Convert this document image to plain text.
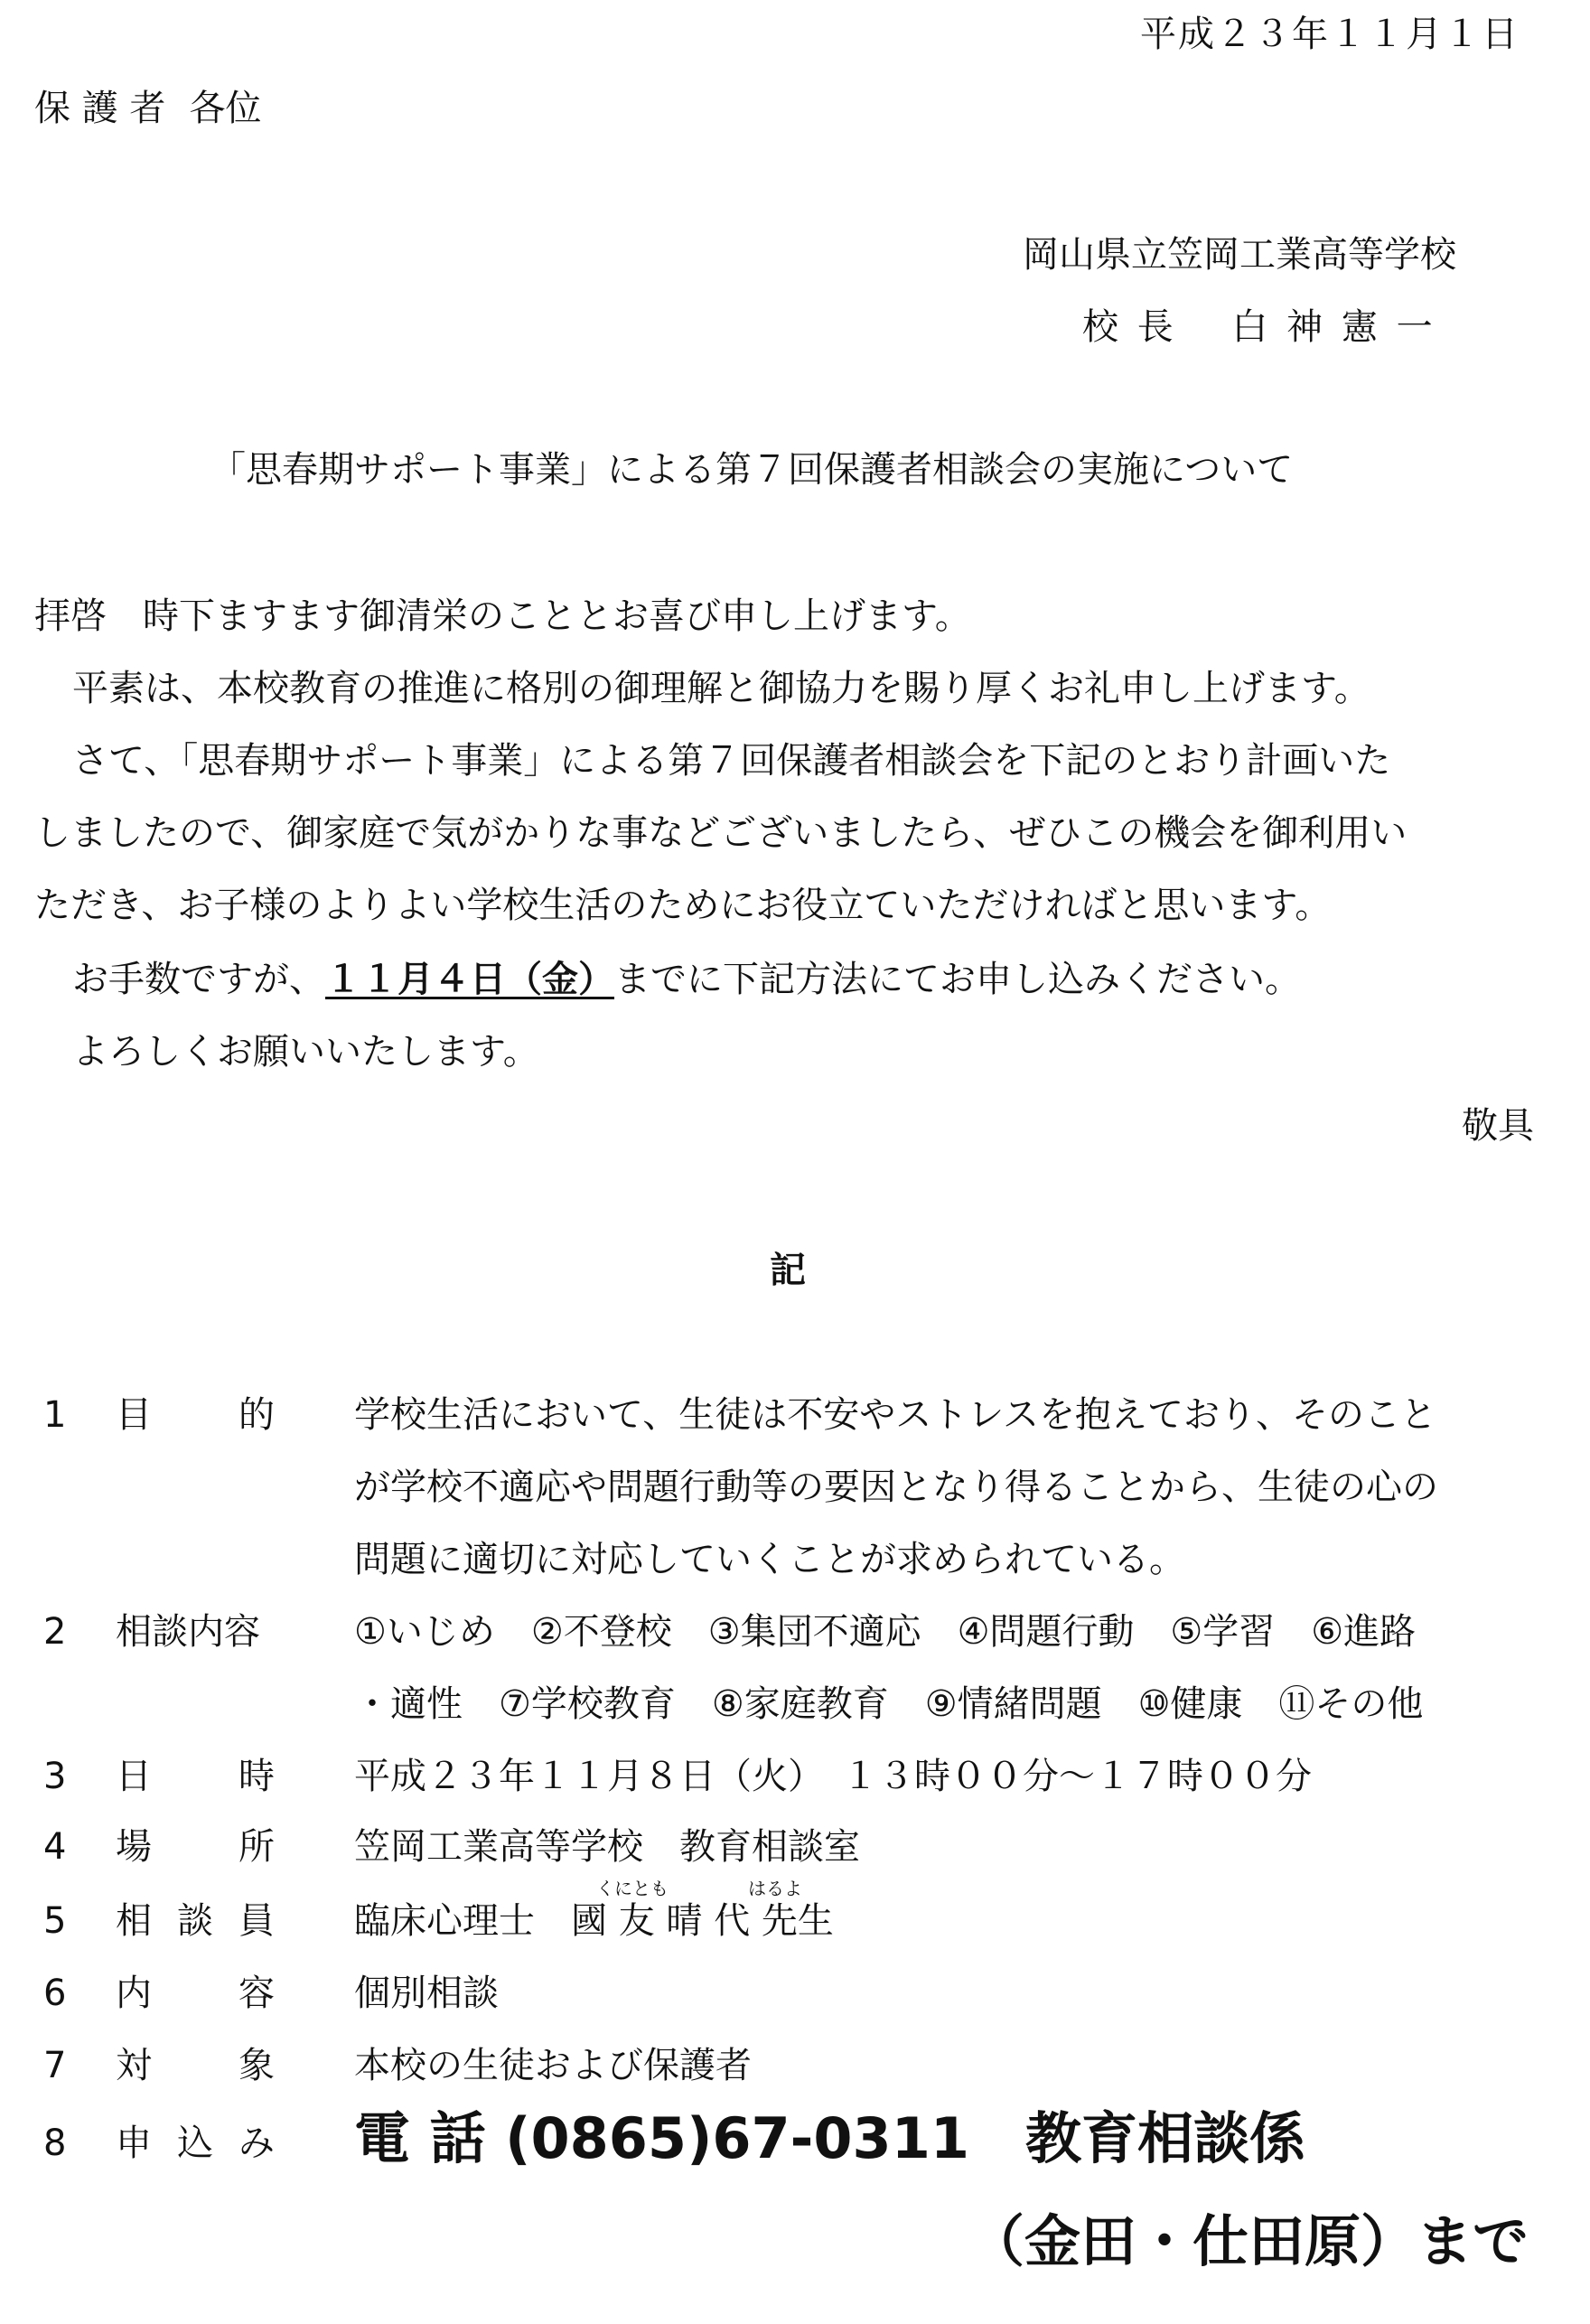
平成２３年１１月１日
保 護 者 各位
岡山県立笠岡工業高等学校
校 長　 白 神 憲 一
「思春期サポート事業」による第７回保護者相談会の実施について
拝啓　時下ますます御清栄のこととお喜び申し上げます。
平素は、本校教育の推進に格別の御理解と御協力を賜り厚くお礼申し上げます。
さて、「思春期サポート事業」による第７回保護者相談会を下記のとおり計画いた
しましたので、御家庭で気がかりな事などございましたら、ぜひこの機会を御利用い
ただき、お子様のよりよい学校生活のためにお役立ていただければと思います。
お手数ですが、１１月４日（金）までに下記方法にてお申し込みください。
よろしくお願いいたします。
敬具
記
1 目 的 学校生活において、生徒は不安やストレスを抱えており、そのこと
が学校不適応や問題行動等の要因となり得ることから、生徒の心の
問題に適切に対応していくことが求められている。
2 相談内容	①いじめ　②不登校　③集団不適応　④問題行動　⑤学習　⑥進路
・適性　⑦学校教育　⑧家庭教育　⑨情緒問題　⑩健康　⑪その他
3 日 時 平成２３年１１月８日（火）　１３時００分～１７時００分
4 場 所 笠岡工業高等学校　教育相談室
くにとも	はるよ
5 相 談 員 臨床心理士　國 友 晴 代 先生
6 内 容 個別相談
7 対 象 本校の生徒および保護者
8 申 込 み 電 話 (0865)67-0311　教育相談係
（金田・仕田原）まで
